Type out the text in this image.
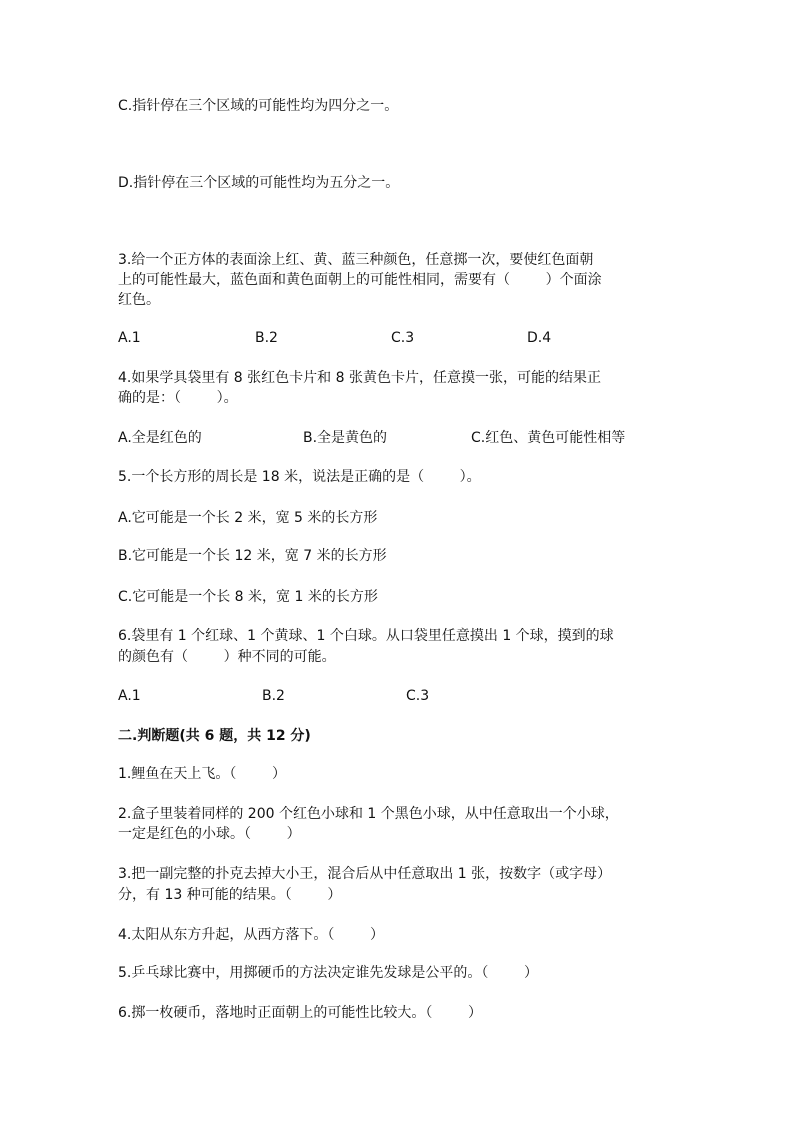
C.指针停在三个区域的可能性均为四分之一。
D.指针停在三个区域的可能性均为五分之一。
3.给一个正方体的表面涂上红、黄、蓝三种颜色，任意掷一次，要使红色面朝
上的可能性最大，蓝色面和黄色面朝上的可能性相同，需要有（        ）个面涂
红色。
A.1	B.2	C.3	D.4
4.如果学具袋里有 8 张红色卡片和 8 张黄色卡片，任意摸一张，可能的结果正
确的是：（        ）。
A.全是红色的	B.全是黄色的	C.红色、黄色可能性相等
5.一个长方形的周长是 18 米，说法是正确的是（        ）。
A.它可能是一个长 2 米，宽 5 米的长方形
B.它可能是一个长 12 米，宽 7 米的长方形
C.它可能是一个长 8 米，宽 1 米的长方形
6.袋里有 1 个红球、1 个黄球、1 个白球。从口袋里任意摸出 1 个球，摸到的球
的颜色有（        ）种不同的可能。
A.1	B.2	C.3
二.判断题(共 6 题，共 12 分)
1.鲤鱼在天上飞。（        ）
2.盒子里装着同样的 200 个红色小球和 1 个黑色小球，从中任意取出一个小球，
一定是红色的小球。（        ）
3.把一副完整的扑克去掉大小王，混合后从中任意取出 1 张，按数字（或字母）
分，有 13 种可能的结果。（        ）
4.太阳从东方升起，从西方落下。（        ）
5.乒乓球比赛中，用掷硬币的方法决定谁先发球是公平的。（        ）
6.掷一枚硬币，落地时正面朝上的可能性比较大。（        ）
